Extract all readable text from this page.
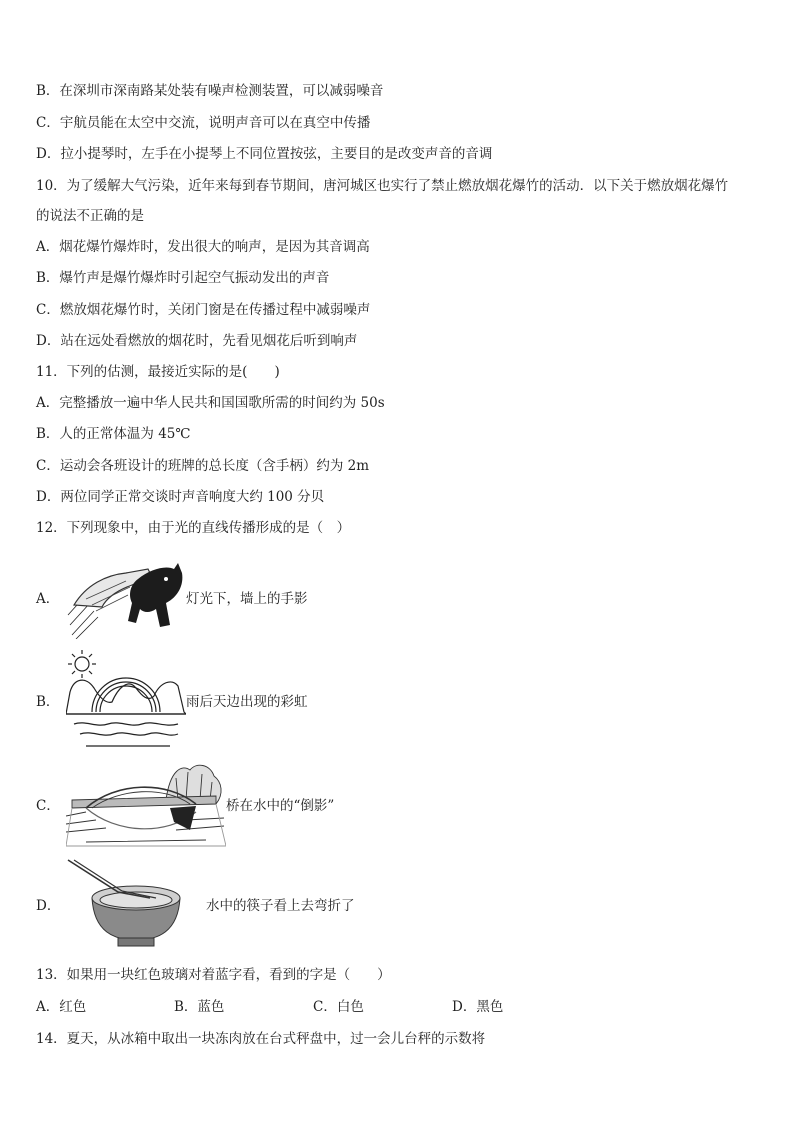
B．在深圳市深南路某处装有噪声检测装置，可以减弱噪音
C．宇航员能在太空中交流，说明声音可以在真空中传播
D．拉小提琴时，左手在小提琴上不同位置按弦，主要目的是改变声音的音调
10．为了缓解大气污染，近年来每到春节期间，唐河城区也实行了禁止燃放烟花爆竹的活动．以下关于燃放烟花爆竹
的说法不正确的是
A．烟花爆竹爆炸时，发出很大的响声，是因为其音调高
B．爆竹声是爆竹爆炸时引起空气振动发出的声音
C．燃放烟花爆竹时，关闭门窗是在传播过程中减弱噪声
D．站在远处看燃放的烟花时，先看见烟花后听到响声
11．下列的估测，最接近实际的是(　　)
A．完整播放一遍中华人民共和国国歌所需的时间约为 50s
B．人的正常体温为 45℃
C．运动会各班设计的班牌的总长度（含手柄）约为 2m
D．两位同学正常交谈时声音响度大约 100 分贝
12．下列现象中，由于光的直线传播形成的是（　）
A．	灯光下，墙上的手影
B．	雨后天边出现的彩虹
C．	桥在水中的“倒影”
D．	水中的筷子看上去弯折了
13．如果用一块红色玻璃对着蓝字看，看到的字是（　　）
A．红色	B．蓝色	C．白色	D．黑色
14．夏天，从冰箱中取出一块冻肉放在台式秤盘中，过一会儿台秤的示数将
